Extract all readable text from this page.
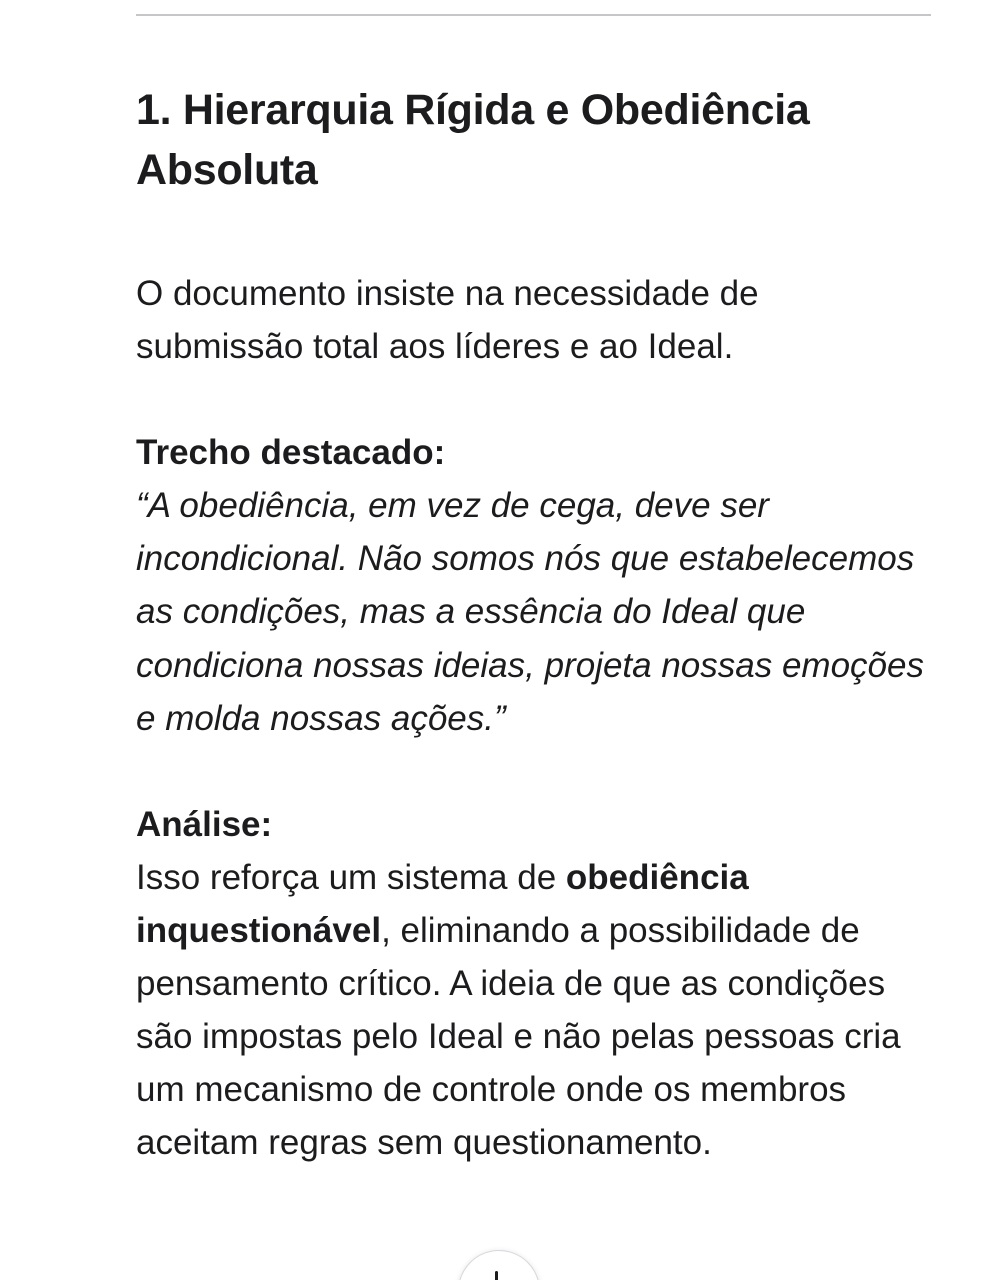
1. Hierarquia Rígida e Obediência Absoluta

O documento insiste na necessidade de submissão total aos líderes e ao Ideal.

Trecho destacado:

“A obediência, em vez de cega, deve ser incondicional. Não somos nós que estabelecemos as condições, mas a essência do Ideal que condiciona nossas ideias, projeta nossas emoções e molda nossas ações.”

Análise:

Isso reforça um sistema de obediência inquestionável, eliminando a possibilidade de pensamento crítico. A ideia de que as condições são impostas pelo Ideal e não pelas pessoas cria um mecanismo de controle onde os membros aceitam regras sem questionamento.
